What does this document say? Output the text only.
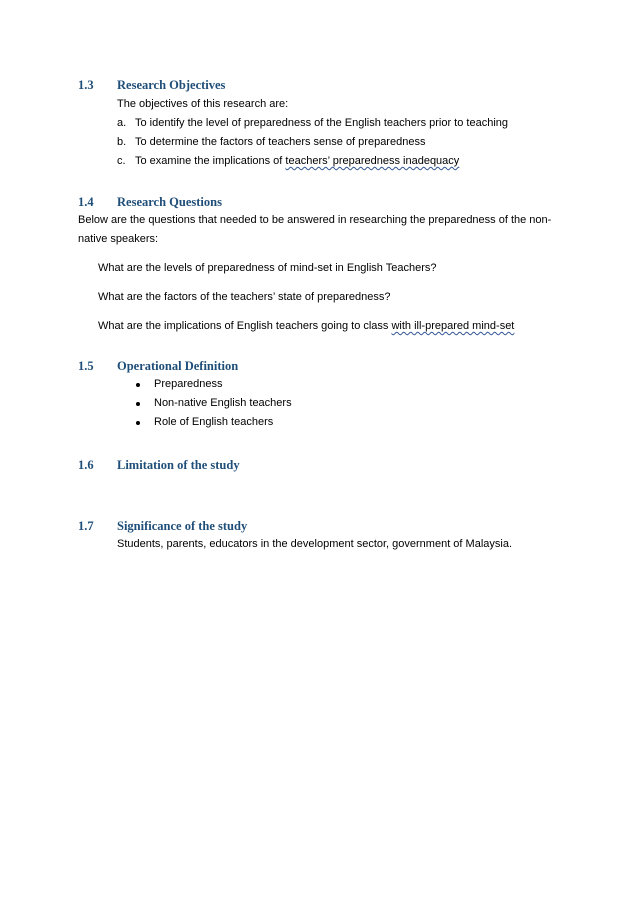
1.3 Research Objectives
The objectives of this research are:
a. To identify the level of preparedness of the English teachers prior to teaching
b. To determine the factors of teachers sense of preparedness
c. To examine the implications of teachers’ preparedness inadequacy
1.4 Research Questions
Below are the questions that needed to be answered in researching the preparedness of the non-native speakers:
What are the levels of preparedness of mind-set in English Teachers?
What are the factors of the teachers’ state of preparedness?
What are the implications of English teachers going to class with ill-prepared mind-set
1.5 Operational Definition
Preparedness
Non-native English teachers
Role of English teachers
1.6 Limitation of the study
1.7 Significance of the study
Students, parents, educators in the development sector, government of Malaysia.
